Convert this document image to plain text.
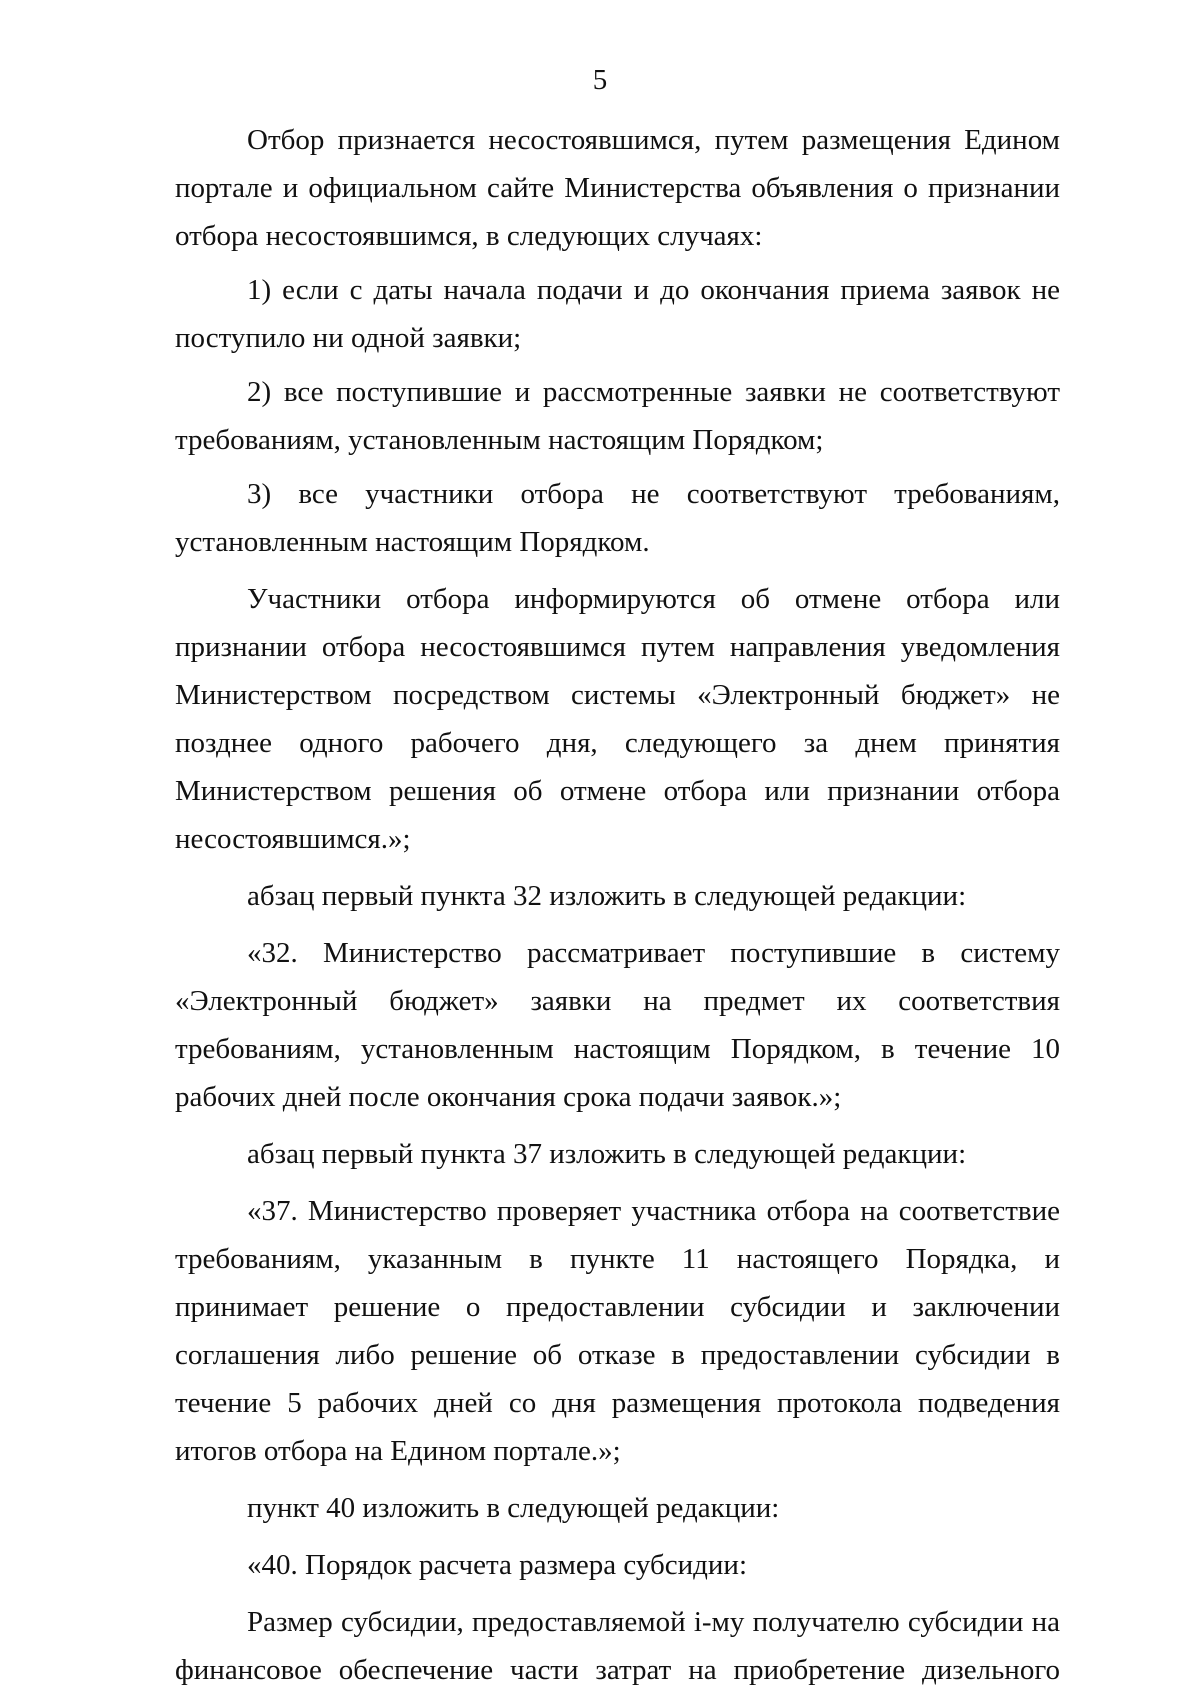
5

Отбор признается несостоявшимся, путем размещения Едином портале и официальном сайте Министерства объявления о признании отбора несостоявшимся, в следующих случаях:

1) если с даты начала подачи и до окончания приема заявок не поступило ни одной заявки;

2) все поступившие и рассмотренные заявки не соответствуют требованиям, установленным настоящим Порядком;

3) все участники отбора не соответствуют требованиям, установленным настоящим Порядком.

Участники отбора информируются об отмене отбора или признании отбора несостоявшимся путем направления уведомления Министерством посредством системы «Электронный бюджет» не позднее одного рабочего дня, следующего за днем принятия Министерством решения об отмене отбора или признании отбора несостоявшимся.»;

абзац первый пункта 32 изложить в следующей редакции:

«32. Министерство рассматривает поступившие в систему «Электронный бюджет» заявки на предмет их соответствия требованиям, установленным настоящим Порядком, в течение 10 рабочих дней после окончания срока подачи заявок.»;

абзац первый пункта 37 изложить в следующей редакции:

«37. Министерство проверяет участника отбора на соответствие требованиям, указанным в пункте 11 настоящего Порядка, и принимает решение о предоставлении субсидии и заключении соглашения либо решение об отказе в предоставлении субсидии в течение 5 рабочих дней со дня размещения протокола подведения итогов отбора на Едином портале.»;

пункт 40 изложить в следующей редакции:

«40. Порядок расчета размера субсидии:

Размер субсидии, предоставляемой i-му получателю субсидии на финансовое обеспечение части затрат на приобретение дизельного
